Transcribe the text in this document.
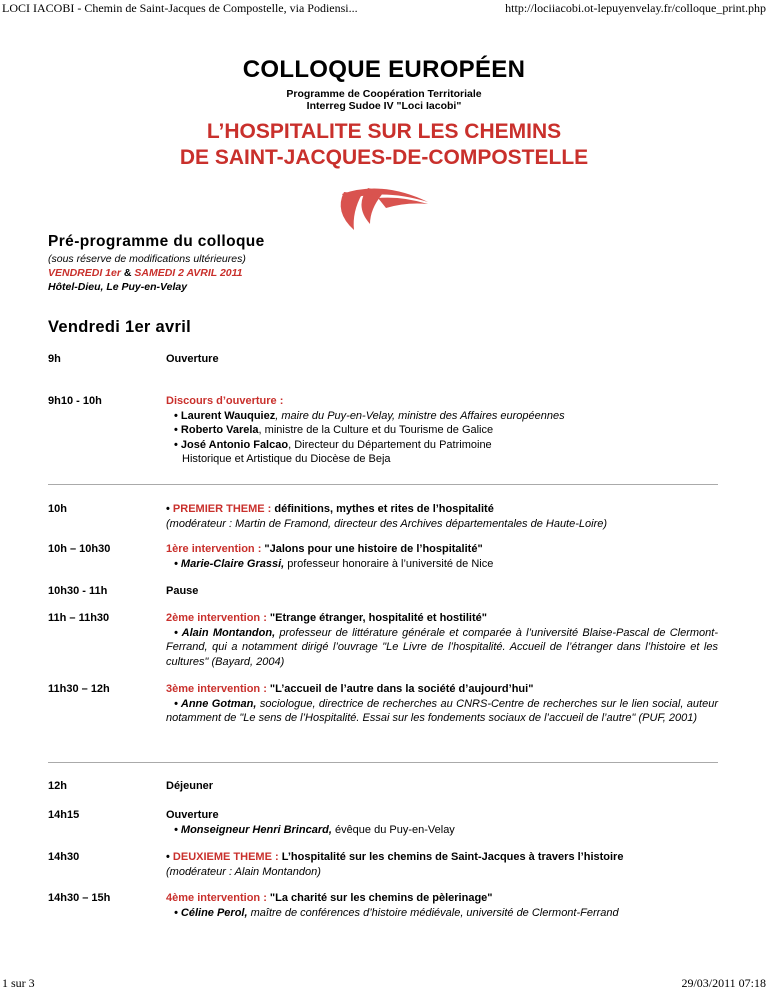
LOCI IACOBI - Chemin de Saint-Jacques de Compostelle, via Podiensi...	http://lociiacobi.ot-lepuyenvelay.fr/colloque_print.php
COLLOQUE EUROPÉEN
Programme de Coopération Territoriale
Interreg Sudoe IV "Loci Iacobi"
L’HOSPITALITE SUR LES CHEMINS
DE SAINT-JACQUES-DE-COMPOSTELLE
Pré-programme du colloque
(sous réserve de modifications ultérieures)
VENDREDI 1er & SAMEDI 2 AVRIL 2011
Hôtel-Dieu, Le Puy-en-Velay
Vendredi 1er avril
9h	Ouverture
9h10 - 10h	Discours d’ouverture :
• Laurent Wauquiez, maire du Puy-en-Velay, ministre des Affaires européennes
• Roberto Varela, ministre de la Culture et du Tourisme de Galice
• José Antonio Falcao, Directeur du Département du Patrimoine
Historique et Artistique du Diocèse de Beja
10h	• PREMIER THEME : définitions, mythes et rites de l’hospitalité
(modérateur : Martin de Framond, directeur des Archives départementales de Haute-Loire)
10h – 10h30	1ère intervention : "Jalons pour une histoire de l’hospitalité"
• Marie-Claire Grassi, professeur honoraire à l’université de Nice
10h30 - 11h	Pause
11h – 11h30	2ème intervention : "Etrange étranger, hospitalité et hostilité"
• Alain Montandon, professeur de littérature générale et comparée à l’université Blaise-Pascal de Clermont-Ferrand, qui a notamment dirigé l’ouvrage "Le Livre de l’hospitalité. Accueil de l’étranger dans l’histoire et les cultures" (Bayard, 2004)
11h30 – 12h	3ème intervention : "L’accueil de l’autre dans la société d’aujourd’hui"
• Anne Gotman, sociologue, directrice de recherches au CNRS-Centre de recherches sur le lien social, auteur notamment de "Le sens de l’Hospitalité. Essai sur les fondements sociaux de l’accueil de l’autre" (PUF, 2001)
12h	Déjeuner
14h15	Ouverture
• Monseigneur Henri Brincard, évêque du Puy-en-Velay
14h30	• DEUXIEME THEME : L’hospitalité sur les chemins de Saint-Jacques à travers l’histoire
(modérateur : Alain Montandon)
14h30 – 15h	4ème intervention : "La charité sur les chemins de pèlerinage"
• Céline Perol, maître de conférences d’histoire médiévale, université de Clermont-Ferrand
1 sur 3	29/03/2011 07:18
